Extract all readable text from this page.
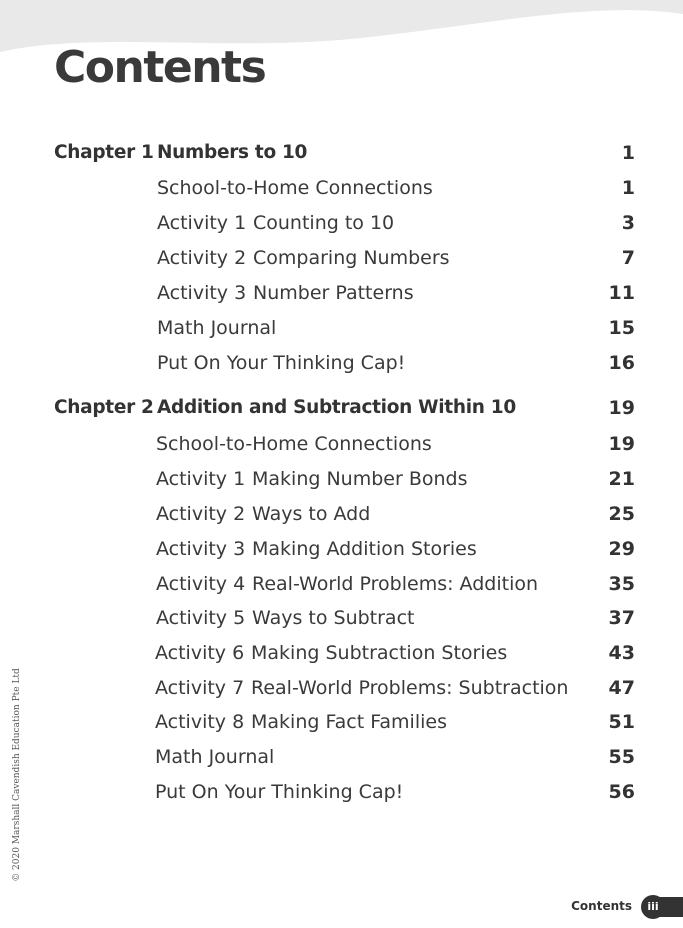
Contents
Chapter 1 Numbers to 10	1
School-to-Home Connections	1
Activity 1 Counting to 10	3
Activity 2 Comparing Numbers	7
Activity 3 Number Patterns	11
Math Journal	15
Put On Your Thinking Cap!	16
Chapter 2 Addition and Subtraction Within 10	19
School-to-Home Connections	19
Activity 1 Making Number Bonds	21
Activity 2 Ways to Add	25
Activity 3 Making Addition Stories	29
Activity 4 Real-World Problems: Addition	35
Activity 5 Ways to Subtract	37
Activity 6 Making Subtraction Stories	43
Activity 7 Real-World Problems: Subtraction 47
Activity 8 Making Fact Families	51
Math Journal	55
Put On Your Thinking Cap!	56
© 2020 Marshall Cavendish Education Pte Ltd
Contents	iii
